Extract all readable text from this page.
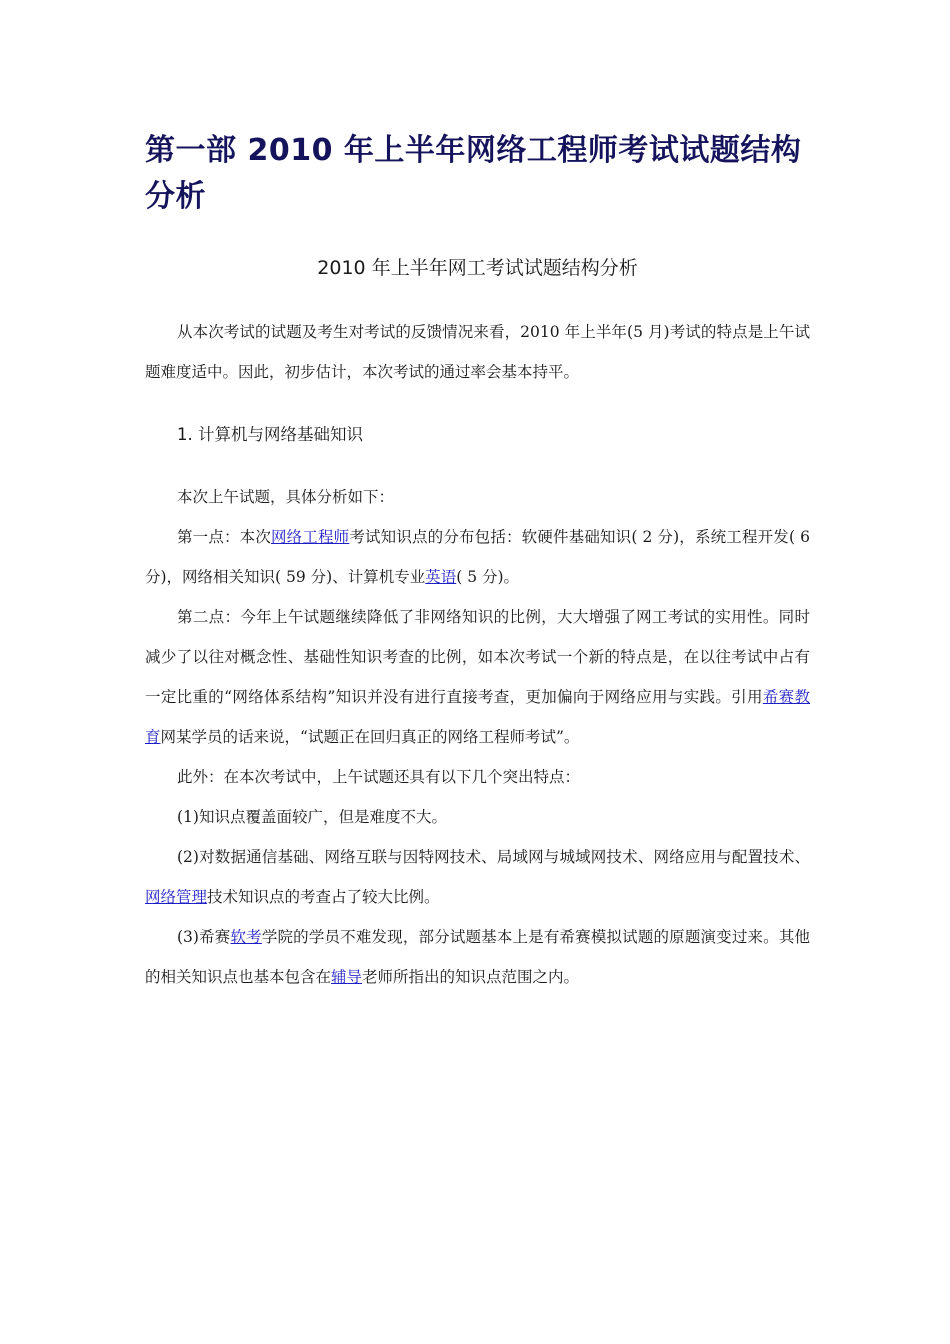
第一部 2010 年上半年网络工程师考试试题结构分析

2010 年上半年网工考试试题结构分析

从本次考试的试题及考生对考试的反馈情况来看，2010 年上半年(5 月)考试的特点是上午试题难度适中。因此，初步估计，本次考试的通过率会基本持平。

1. 计算机与网络基础知识

本次上午试题，具体分析如下：

第一点：本次网络工程师考试知识点的分布包括：软硬件基础知识( 2 分)，系统工程开发( 6 分)，网络相关知识( 59 分)、计算机专业英语( 5 分)。

第二点：今年上午试题继续降低了非网络知识的比例，大大增强了网工考试的实用性。同时减少了以往对概念性、基础性知识考查的比例，如本次考试一个新的特点是，在以往考试中占有一定比重的“网络体系结构”知识并没有进行直接考查，更加偏向于网络应用与实践。引用希赛教育网某学员的话来说，“试题正在回归真正的网络工程师考试”。

此外：在本次考试中，上午试题还具有以下几个突出特点：

(1)知识点覆盖面较广，但是难度不大。

(2)对数据通信基础、网络互联与因特网技术、局域网与城域网技术、网络应用与配置技术、网络管理技术知识点的考查占了较大比例。

(3)希赛软考学院的学员不难发现，部分试题基本上是有希赛模拟试题的原题演变过来。其他的相关知识点也基本包含在辅导老师所指出的知识点范围之内。
